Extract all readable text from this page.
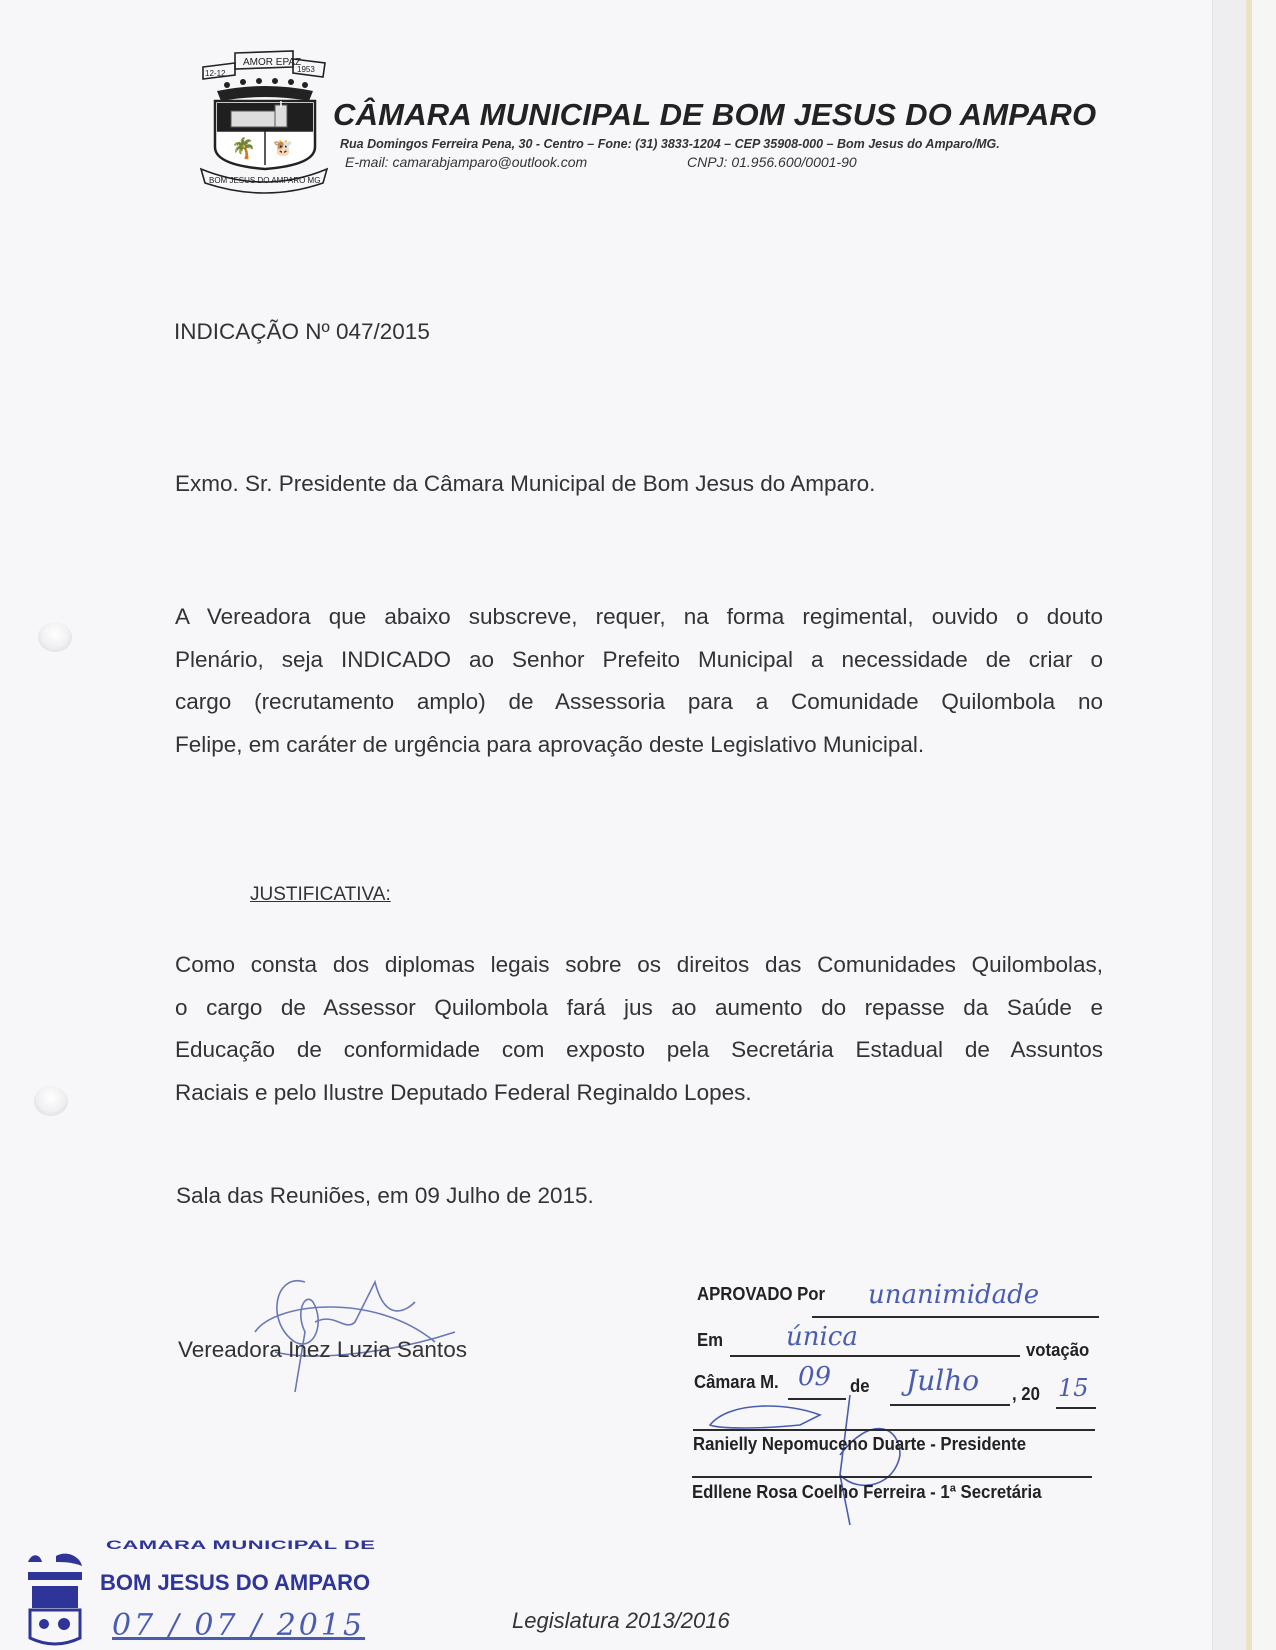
AMOR EPAZ
12-12	1953
BOM JESUS DO AMPARO MG
🌴 🐮
CÂMARA MUNICIPAL DE BOM JESUS DO AMPARO
Rua Domingos Ferreira Pena, 30 - Centro – Fone: (31) 3833-1204 – CEP 35908-000 – Bom Jesus do Amparo/MG.
E-mail: camarabjamparo@outlook.com	CNPJ: 01.956.600/0001-90
INDICAÇÃO Nº 047/2015
Exmo. Sr. Presidente da Câmara Municipal de Bom Jesus do Amparo.
A Vereadora que abaixo subscreve, requer, na forma regimental, ouvido o douto
Plenário, seja INDICADO ao Senhor Prefeito Municipal a necessidade de criar o
cargo (recrutamento amplo) de Assessoria para a Comunidade Quilombola no
Felipe, em caráter de urgência para aprovação deste Legislativo Municipal.
JUSTIFICATIVA:
Como consta dos diplomas legais sobre os direitos das Comunidades Quilombolas,
o cargo de Assessor Quilombola fará jus ao aumento do repasse da Saúde e
Educação de conformidade com exposto pela Secretária Estadual de Assuntos
Raciais e pelo Ilustre Deputado Federal Reginaldo Lopes.
Sala das Reuniões, em 09 Julho de 2015.
Vereadora Inez Luzia Santos
APROVADO Por unanimidade
Em única	votação
Câmara M. 09 de Julho , 20 15
Ranielly Nepomuceno Duarte - Presidente
Edllene Rosa Coelho Ferreira - 1ª Secretária
CAMARA MUNICIPAL DE
BOM JESUS DO AMPARO
07 / 07 / 2015	Legislatura 2013/2016
